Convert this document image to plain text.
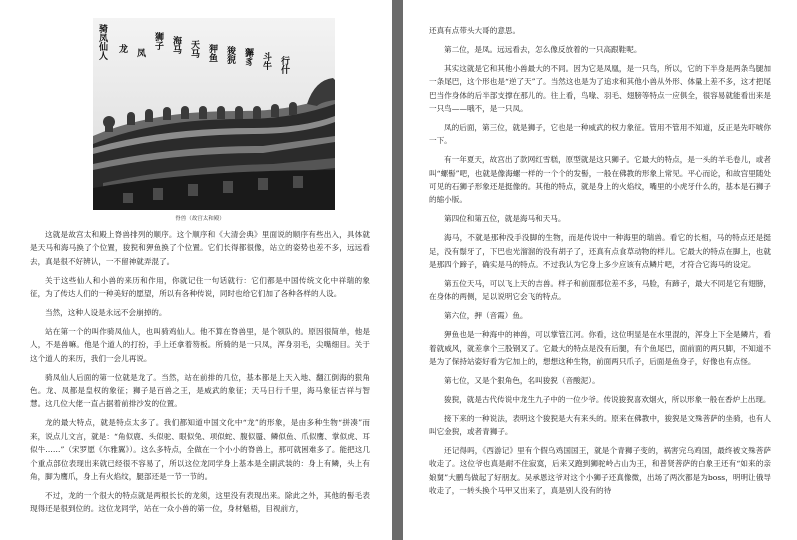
骑凤仙人 龙 凤
狮子 海马 天马 狎鱼 狻猊 獬豸 斗牛 行什
脊兽（故宫太和殿）

这就是故宫太和殿上脊兽排列的顺序。这个顺序和《大清会典》里面说的顺序有些出入，具体就是天马和海马换了个位置，狻猊和狎鱼换了个位置。它们长得都很像，站立的姿势也差不多，远远看去，真是很不好辨认，一不留神就弄混了。

关于这些仙人和小兽的来历和作用，你就记住一句话就行：它们都是中国传统文化中祥瑞的象征，为了传达人们的一种美好的愿望，所以有各种传说，同时也给它们加了各种各样的人设。

当然，这种人设是永远不会崩掉的。

站在第一个的叫作骑凤仙人，也叫骑鸡仙人。他不算在脊兽里，是个领队的。原因很简单，他是人，不是兽嘛。他是个道人的打扮，手上还拿着笏板。所骑的是一只凤，浑身羽毛，尖嘴细目。关于这个道人的来历，我们一会儿再说。

骑凤仙人后面的第一位就是龙了。当然，站在前排的几位，基本都是上天入地、翻江倒海的狠角色。龙、凤都是皇权的象征；狮子是百兽之王，是威武的象征；天马日行千里，海马象征吉祥与智慧。这几位大佬一直占据着前排沙发的位置。

龙的最大特点，就是特点太多了。我们都知道中国文化中“龙”的形象，是由多种生物“拼凑”而来，说点儿文言，就是：“角似鹿、头似驼、眼似兔、项似蛇、腹似蜃、鳞似鱼、爪似鹰、掌似虎、耳似牛……”（宋罗愿《尔雅翼》）。这么多特点，全做在一个小小的脊兽上，那可就困难多了。能把这几个重点部位表现出来就已经很不容易了，所以这位龙同学身上基本是全副武装的：身上有鳞，头上有角，脚为鹰爪，身上有火焰纹，腿部还是一节一节的。

不过，龙的一个很大的特点就是两根长长的龙须，这里没有表现出来。除此之外，其他的髻毛表现得还是很到位的。这位龙同学，站在一众小兽的第一位，身材魁梧，目视前方，

还真有点带头大哥的意思。

第二位，是凤。远远看去，怎么像反放着的一只高跟鞋呢。

其实这就是它和其他小兽最大的不同。因为它是凤凰，是一只鸟，所以，它的下半身是两条鸟腿加一条尾巴，这个形也是“逆了天”了。当然这也是为了追求和其他小兽从外形、体量上差不多，这才把尾巴当作身体的后半部支撑在那儿的。往上看，鸟喙、羽毛、翅膀等特点一应俱全，很容易就能看出来是一只鸟——哦不，是一只凤。

凤的后面，第三位，就是狮子，它也是一种威武的权力象征。管用不管用不知道，反正是先吓唬你一下。

有一年夏天，故宫出了款网红雪糕，原型就是这只狮子。它最大的特点，是一头的羊毛卷儿，或者叫“螺髻”吧，也就是像海螺一样的一个个的发髻，一般在佛教的形象上常见。平心而论，和故宫里随处可见的石狮子形象还是挺像的。其他的特点，就是身上的火焰纹，嘴里的小虎牙什么的，基本是石狮子的缩小版。

第四位和第五位，就是海马和天马。

海马，不就是那种没手没脚的生物，而是传说中一种海里的瑞兽。看它的长相，马的特点还是挺足，没有鬃牙了，下巴也光溜溜的没有胡子了，还真有点食草动物的样儿。它最大的特点在脚上，也就是那四个蹄子，确实是马的特点。不过我认为它身上多少应该有点鳞片吧，才符合它海马的设定。

第五位天马，可以飞上天的吉兽。样子和前面那位差不多，马脸，有蹄子，最大不同是它有翅膀，在身体的两侧，足以说明它会飞的特点。

第六位，押（音霞）鱼。

狎鱼也是一种海中的神兽，可以掌管江河。你看，这位明显是在水里混的，浑身上下全是鳞片，看着就威风，就差拿个三股钢叉了。它最大的特点是没有后腿，有个鱼尾巴，面前面的两只脚，不知道不是为了保持站姿好看为它加上的，想想这种生物，前面两只爪子，后面是鱼身子，好像也有点怪。

第七位，又是个狠角色，名叫狻猊（音酸泥）。

狻猊，就是古代传说中龙生九子中的一位少爷。传说狻猊喜欢烟火，所以形象一般在香炉上出现。

接下来的一种说法，表明这个狻猊是大有来头的。原来在佛教中，狻猊是文殊菩萨的坐骑，也有人叫它金猊，或者青狮子。

还记得吗，《西游记》里有个假乌鸡国国王，就是个青狮子变的，祸害完乌鸡国，最终被文殊菩萨收走了。这位爷也真是耐不住寂寞，后来又跑到狮驼岭占山为王，和普贤菩萨的白象王还有“如来的亲娘舅”大鹏鸟做起了好朋友。吴承恩这爷对这个小狮子还真像微，出场了两次都是为boss，明明让俄导收走了，一转头换个马甲又出来了，真是别人没有的待
